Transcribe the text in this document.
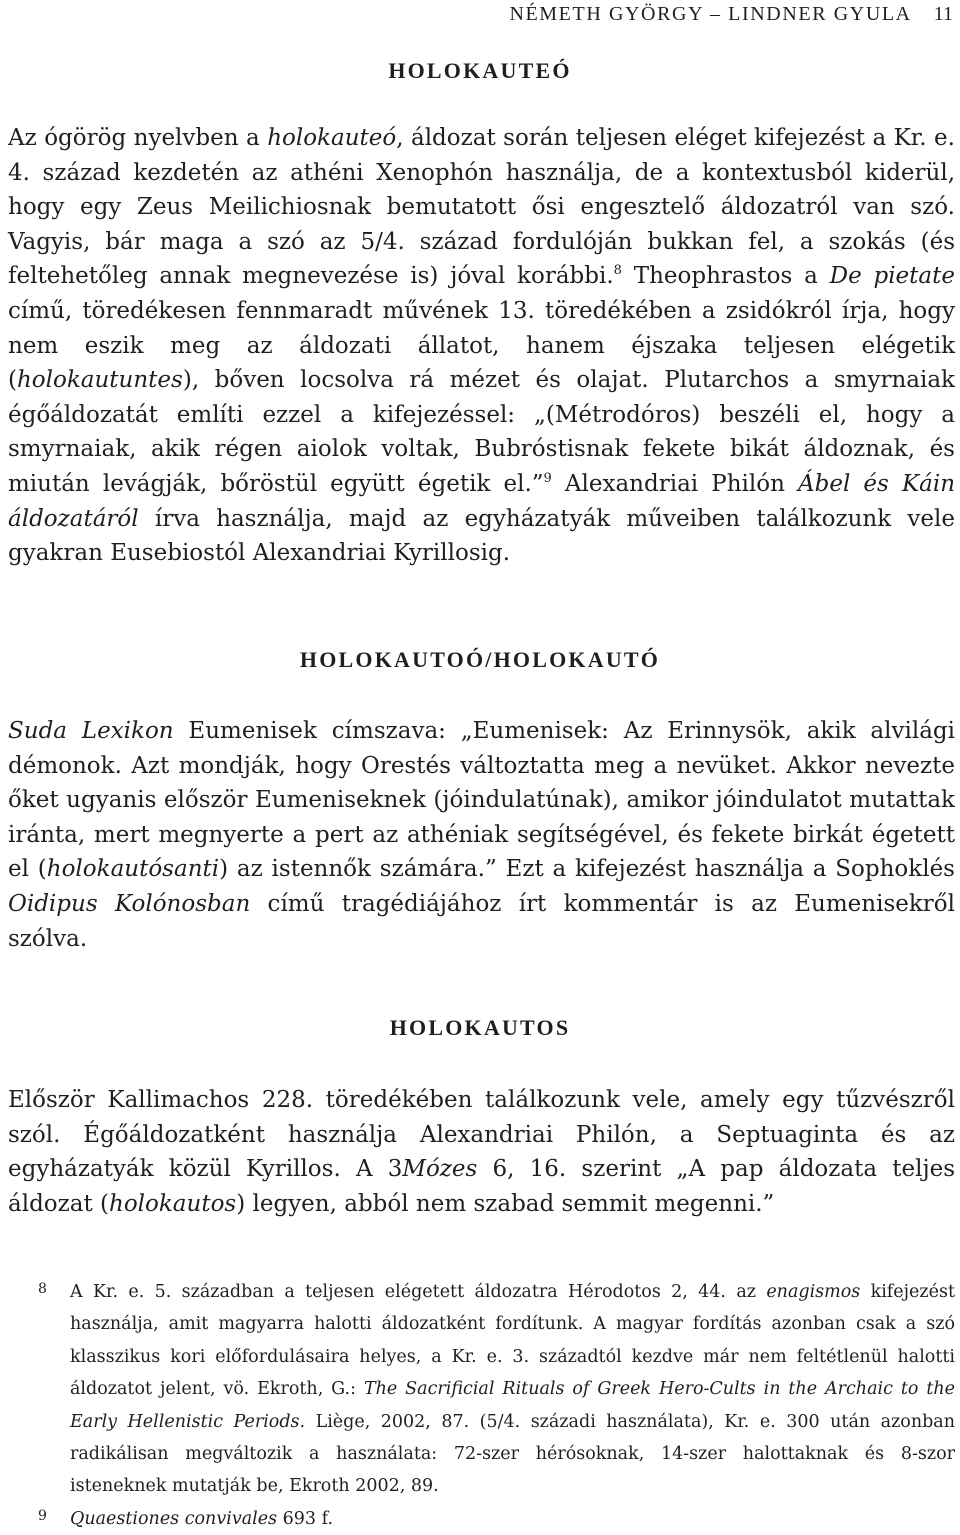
NÉMETH GYÖRGY – LINDNER GYULA 11
HOLOKAUTEÓ

Az ógörög nyelvben a holokauteó, áldozat során teljesen eléget kifejezést a Kr. e. 4. század kezdetén az athéni Xenophón használja, de a kontextusból kiderül, hogy egy Zeus Meilichiosnak bemutatott ősi engesztelő áldozatról van szó. Vagyis, bár maga a szó az 5/4. század fordulóján bukkan fel, a szokás (és feltehetőleg annak megnevezése is) jóval korábbi.$^8$ Theophrastos a De pietate című, töredékesen fennmaradt művének 13. töredékében a zsidókról írja, hogy nem eszik meg az áldozati állatot, hanem éjszaka teljesen elégetik (holokautuntes), bőven locsolva rá mézet és olajat. Plutarchos a smyrnaiak égőáldozatát említi ezzel a kifejezéssel: „(Métrodóros) beszéli el, hogy a smyrnaiak, akik régen aiolok voltak, Bubróstisnak fekete bikát áldoznak, és miután levágják, bőröstül együtt égetik el.”$^9$ Alexandriai Philón Ábel és Káin áldozatáról írva használja, majd az egyházatyák műveiben találkozunk vele gyakran Eusebiostól Alexandriai Kyrillosig.

HOLOKAUTOÓ/HOLOKAUTÓ

Suda Lexikon Eumenisek címszava: „Eumenisek: Az Erinnysök, akik alvilági démonok. Azt mondják, hogy Orestés változtatta meg a nevüket. Akkor nevezte őket ugyanis először Eumeniseknek (jóindulatúnak), amikor jóindulatot mutattak iránta, mert megnyerte a pert az athéniak segítségével, és fekete birkát égetett el (holokautósanti) az istennők számára.” Ezt a kifejezést használja a Sophoklés Oidipus Kolónosban című tragédiájához írt kommentár is az Eumenisekről szólva.

HOLOKAUTOS

Először Kallimachos 228. töredékében találkozunk vele, amely egy tűzvészről szól. Égőáldozatként használja Alexandriai Philón, a Septuaginta és az egyházatyák közül Kyrillos. A 3Mózes 6, 16. szerint „A pap áldozata teljes áldozat (holokautos) legyen, abból nem szabad semmit megenni.”

8 A Kr. e. 5. században a teljesen elégetett áldozatra Hérodotos 2, 44. az enagismos kifejezést használja, amit magyarra halotti áldozatként fordítunk. A magyar fordítás azonban csak a szó klasszikus kori előfordulásaira helyes, a Kr. e. 3. századtól kezdve már nem feltétlenül halotti áldozatot jelent, vö. Ekroth, G.: The Sacrificial Rituals of Greek Hero-Cults in the Archaic to the Early Hellenistic Periods. Liège, 2002, 87. (5/4. századi használata), Kr. e. 300 után azonban radikálisan megváltozik a használata: 72-szer hérósoknak, 14-szer halottaknak és 8-szor isteneknek mutatják be, Ekroth 2002, 89.
9 Quaestiones convivales 693 f.
